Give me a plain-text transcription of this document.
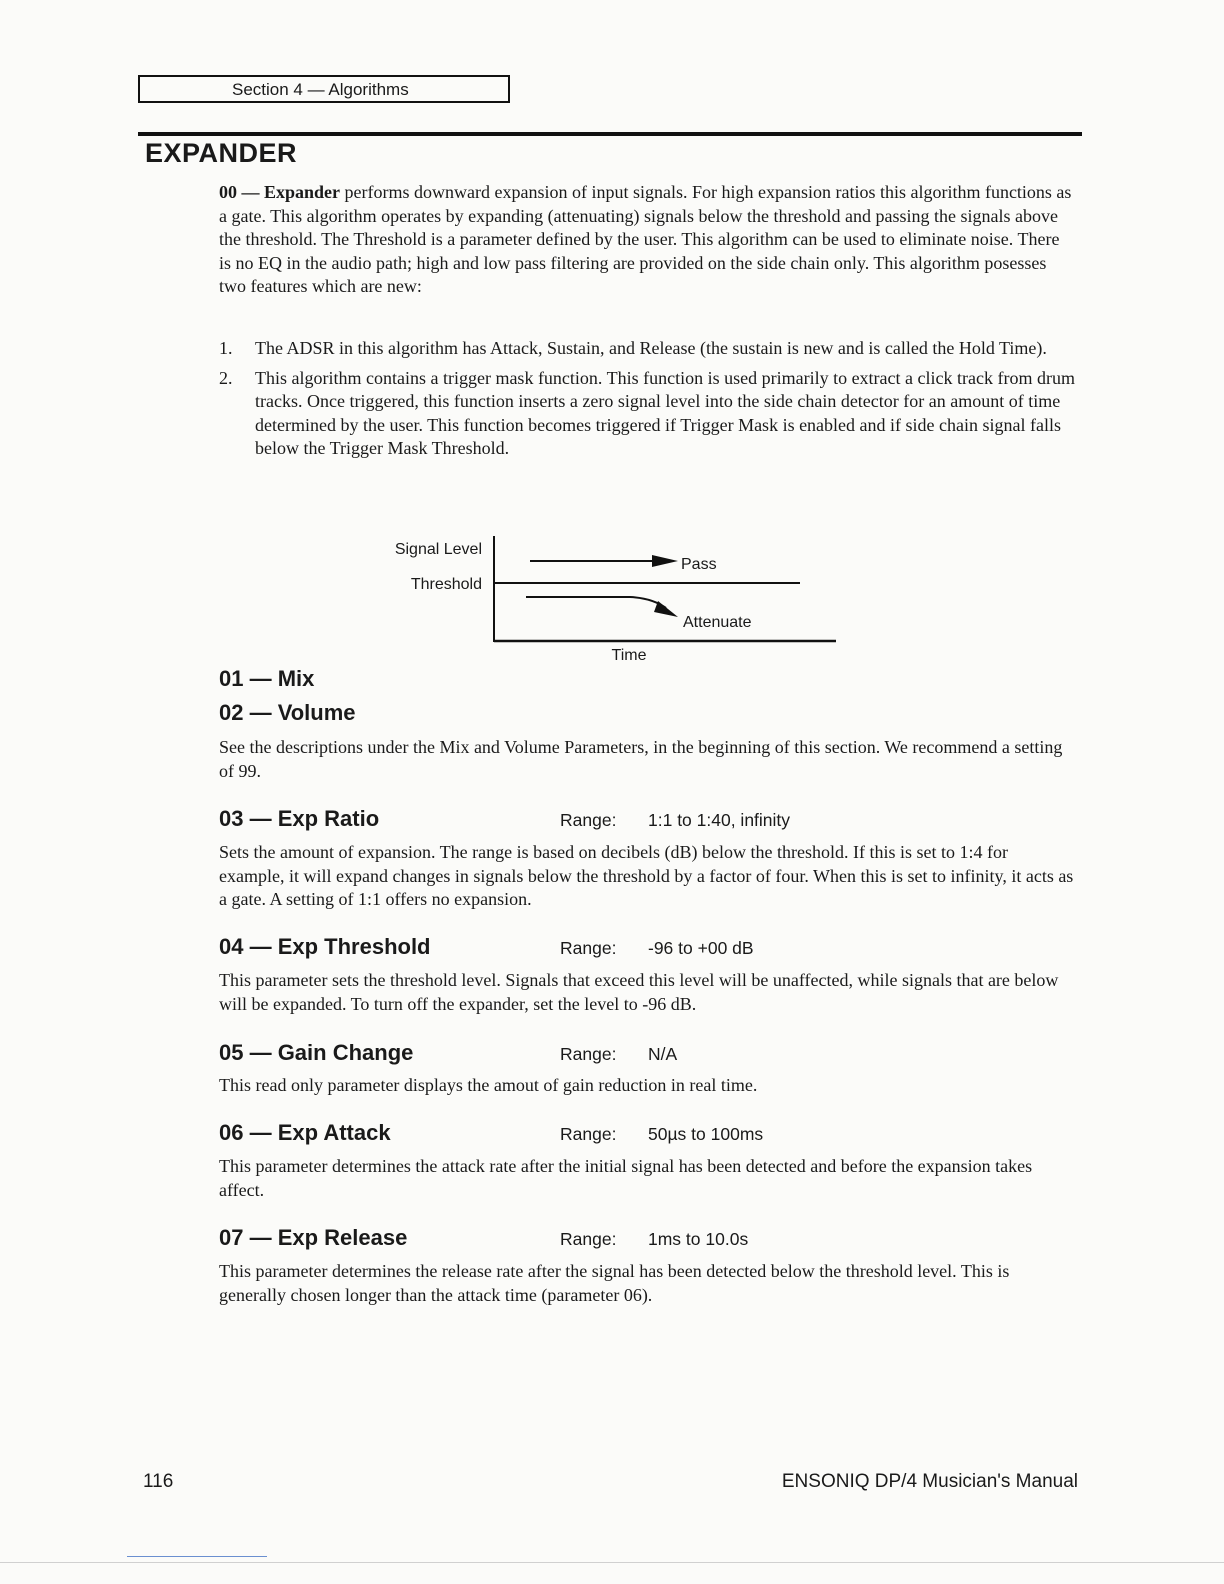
Section 4 — Algorithms
EXPANDER

00 — Expander performs downward expansion of input signals. For high expansion ratios this algorithm functions as a gate. This algorithm operates by expanding (attenuating) signals below the threshold and passing the signals above the threshold. The Threshold is a parameter defined by the user. This algorithm can be used to eliminate noise. There is no EQ in the audio path; high and low pass filtering are provided on the side chain only. This algorithm posesses two features which are new:

1. The ADSR in this algorithm has Attack, Sustain, and Release (the sustain is new and is called the Hold Time).
2. This algorithm contains a trigger mask function. This function is used primarily to extract a click track from drum tracks. Once triggered, this function inserts a zero signal level into the side chain detector for an amount of time determined by the user. This function becomes triggered if Trigger Mask is enabled and if side chain signal falls below the Trigger Mask Threshold.
Signal Level
Threshold
Pass
Attenuate
Time
01 — Mix
02 — Volume

See the descriptions under the Mix and Volume Parameters, in the beginning of this section. We recommend a setting of 99.

03 — Exp Ratio	Range: 1:1 to 1:40, infinity

Sets the amount of expansion. The range is based on decibels (dB) below the threshold. If this is set to 1:4 for example, it will expand changes in signals below the threshold by a factor of four. When this is set to infinity, it acts as a gate. A setting of 1:1 offers no expansion.

04 — Exp Threshold	Range: -96 to +00 dB

This parameter sets the threshold level. Signals that exceed this level will be unaffected, while signals that are below will be expanded. To turn off the expander, set the level to -96 dB.

05 — Gain Change	Range: N/A

This read only parameter displays the amout of gain reduction in real time.

06 — Exp Attack	Range: 50µs to 100ms

This parameter determines the attack rate after the initial signal has been detected and before the expansion takes affect.

07 — Exp Release	Range: 1ms to 10.0s

This parameter determines the release rate after the signal has been detected below the threshold level. This is generally chosen longer than the attack time (parameter 06).

116	ENSONIQ DP/4 Musician's Manual
